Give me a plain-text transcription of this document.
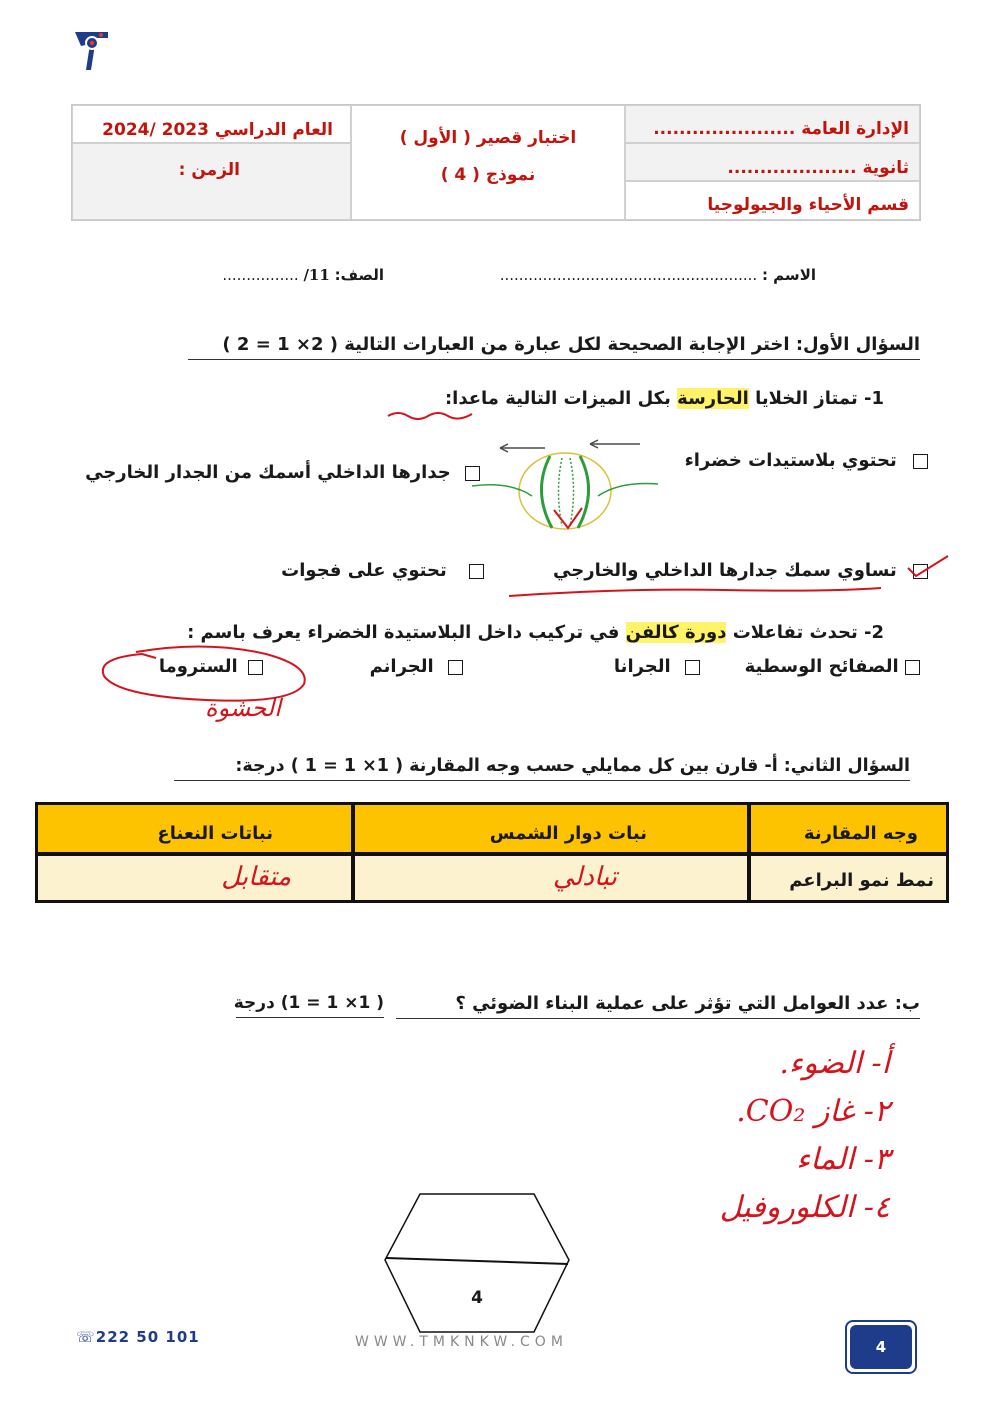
الإدارة العامة ......................
ثانوية ....................
قسم الأحياء والجيولوجيا
اختبار قصير ( الأول )
نموذج ( 4 )
العام الدراسي 2023 /2024
الزمن :
الاسم : ......................................................
الصف: 11/ ................
السؤال الأول: اختر الإجابة الصحيحة لكل عبارة من العبارات التالية ( 2× 1 = 2 )
1- تمتاز الخلايا الحارسة بكل الميزات التالية ماعدا:
تحتوي بلاستيدات خضراء
جدارها الداخلي أسمك من الجدار الخارجي
تساوي سمك جدارها الداخلي والخارجي
تحتوي على فجوات
2- تحدث تفاعلات دورة كالفن في تركيب داخل البلاستيدة الخضراء يعرف باسم :
الصفائح الوسطية
الجرانا
الجرانم
الستروما
الحشوة
السؤال الثاني: أ- قارن بين كل ممايلي حسب وجه المقارنة ( 1× 1 = 1 ) درجة:
وجه المقارنة
نبات دوار الشمس
نباتات النعناع
نمط نمو البراعم
تبادلي
متقابل
ب: عدد العوامل التي تؤثر على عملية البناء الضوئي ؟
( 1× 1 = 1) درجة
أ- الضوء.
٢- غاز CO₂.
٣- الماء
٤- الكلوروفيل
4
☏222 50 101	WWW.TMKNKW.COM	4
